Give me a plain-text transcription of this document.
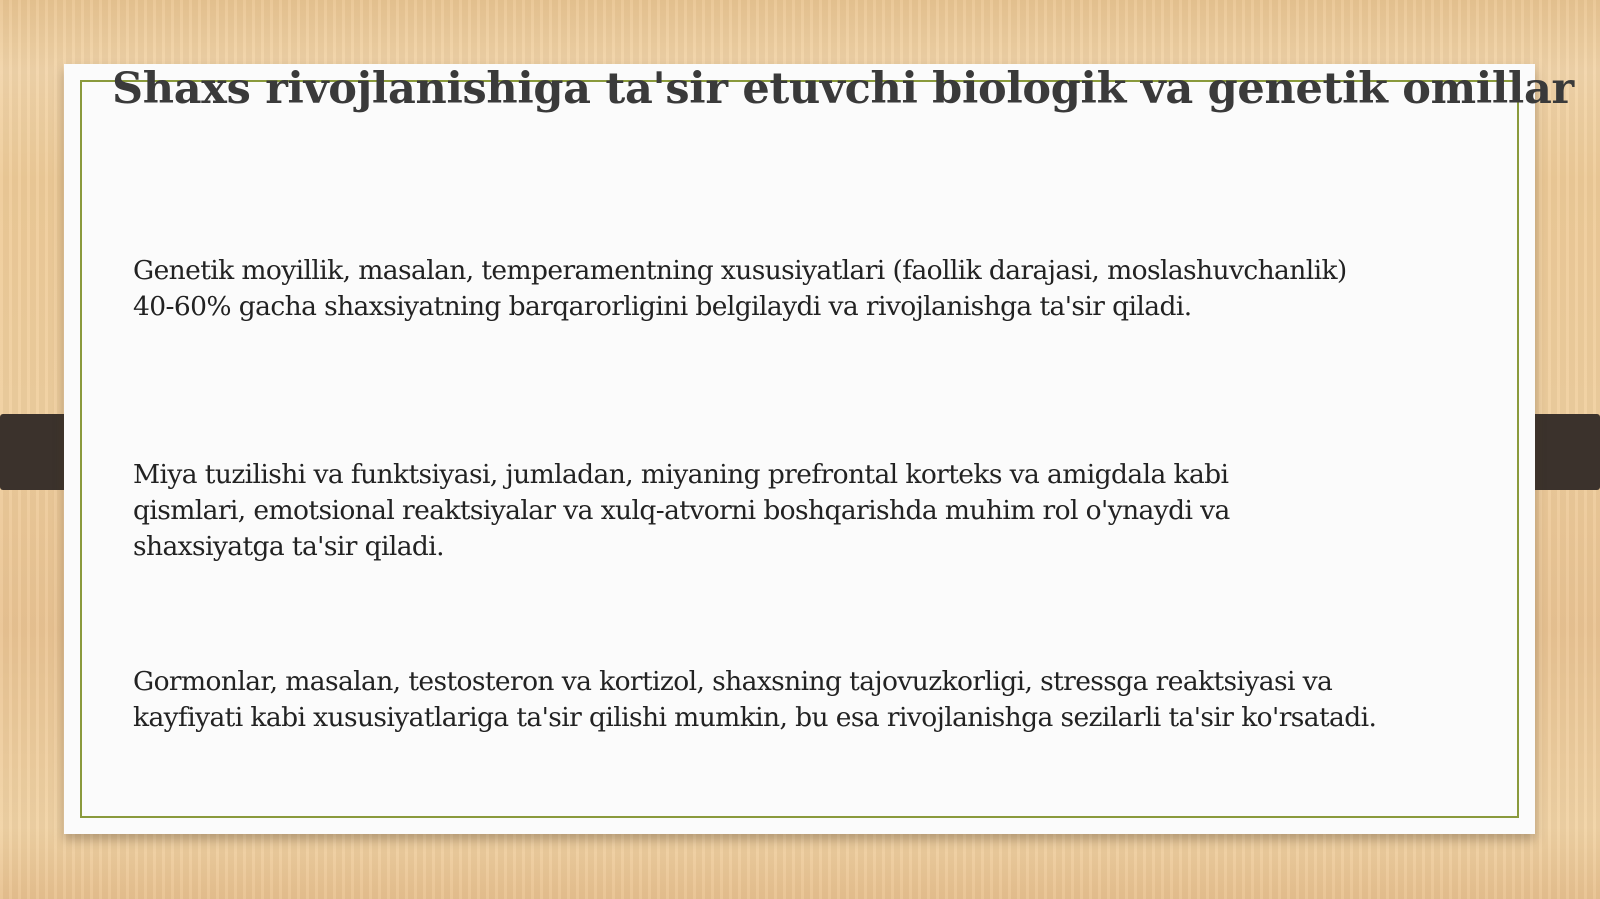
Shaxs rivojlanishiga ta'sir etuvchi biologik va genetik omillar

Genetik moyillik, masalan, temperamentning xususiyatlari (faollik darajasi, moslashuvchanlik)
40-60% gacha shaxsiyatning barqarorligini belgilaydi va rivojlanishga ta'sir qiladi.

Miya tuzilishi va funktsiyasi, jumladan, miyaning prefrontal korteks va amigdala kabi
qismlari, emotsional reaktsiyalar va xulq-atvorni boshqarishda muhim rol o'ynaydi va
shaxsiyatga ta'sir qiladi.

Gormonlar, masalan, testosteron va kortizol, shaxsning tajovuzkorligi, stressga reaktsiyasi va
kayfiyati kabi xususiyatlariga ta'sir qilishi mumkin, bu esa rivojlanishga sezilarli ta'sir ko'rsatadi.
